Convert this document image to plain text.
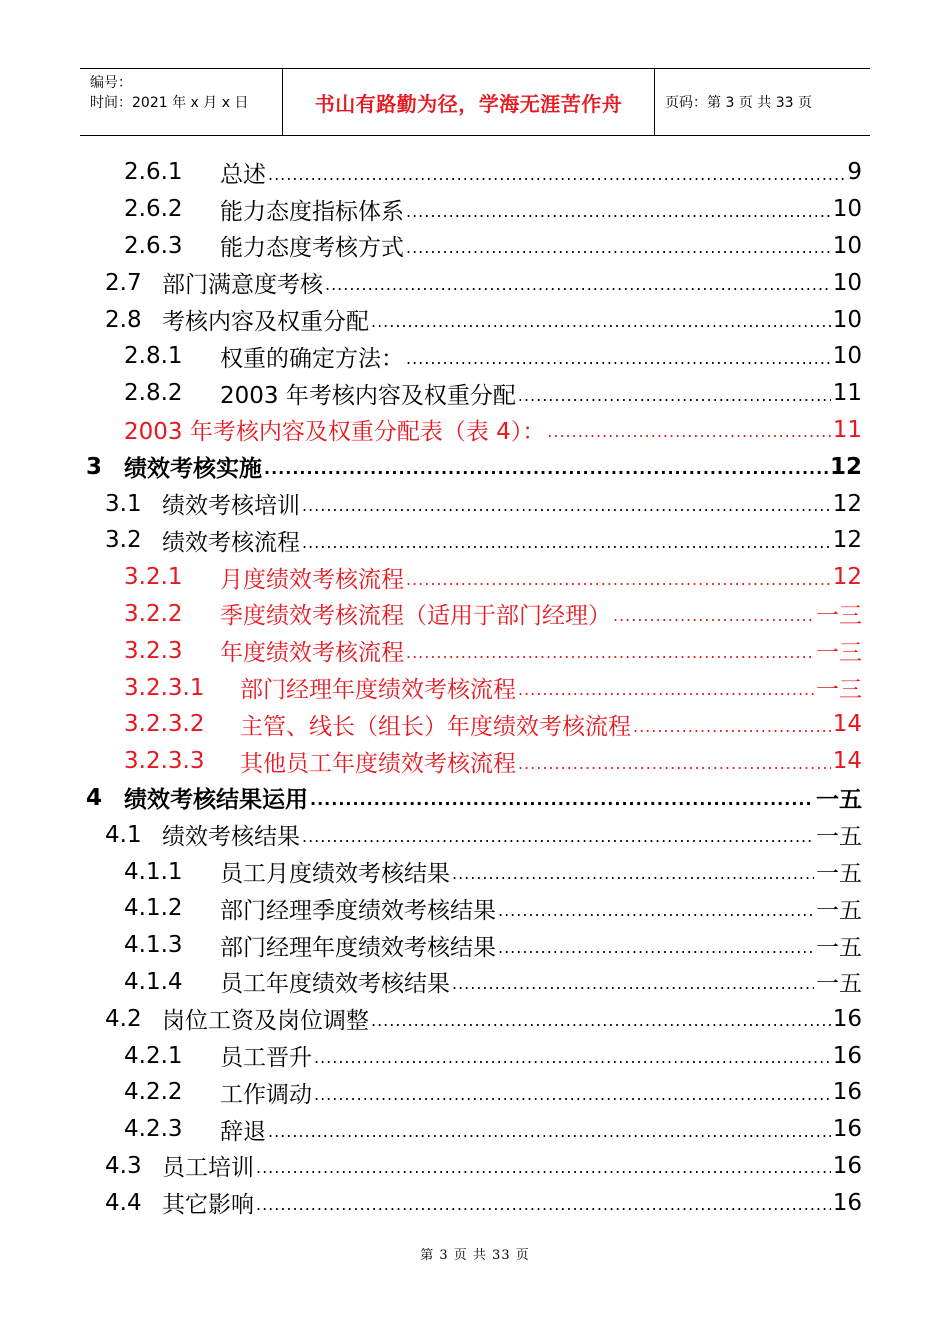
编号：
时间：2021 年 x 月 x 日	书山有路勤为径，学海无涯苦作舟	页码：第 3 页 共 33 页
2.6.1	总述 .....	9
2.6.2	能力态度指标体系 .....	10
2.6.3	能力态度考核方式 .....	10
2.7 部门满意度考核 .....	10
2.8 考核内容及权重分配 .....	10
2.8.1	权重的确定方法： .....	10
2.8.2	2003 年考核内容及权重分配 .....	11
2003 年考核内容及权重分配表（表 4）： .....	11
3 绩效考核实施 .....	12
3.1 绩效考核培训 .....	12
3.2 绩效考核流程 .....	12
3.2.1	月度绩效考核流程 .....	12
3.2.2	季度绩效考核流程（适用于部门经理） .....	一三
3.2.3	年度绩效考核流程 .....	一三
3.2.3.1	部门经理年度绩效考核流程 .....	一三
3.2.3.2	主管、线长（组长）年度绩效考核流程 .....	14
3.2.3.3	其他员工年度绩效考核流程 .....	14
4 绩效考核结果运用 .....	一五
4.1 绩效考核结果 .....	一五
4.1.1	员工月度绩效考核结果 .....	一五
4.1.2	部门经理季度绩效考核结果 .....	一五
4.1.3	部门经理年度绩效考核结果 .....	一五
4.1.4	员工年度绩效考核结果 .....	一五
4.2 岗位工资及岗位调整 .....	16
4.2.1	员工晋升 .....	16
4.2.2	工作调动 .....	16
4.2.3	辞退 .....	16
4.3 员工培训 .....	16
4.4 其它影响 .....	16
第 3 页 共 33 页
